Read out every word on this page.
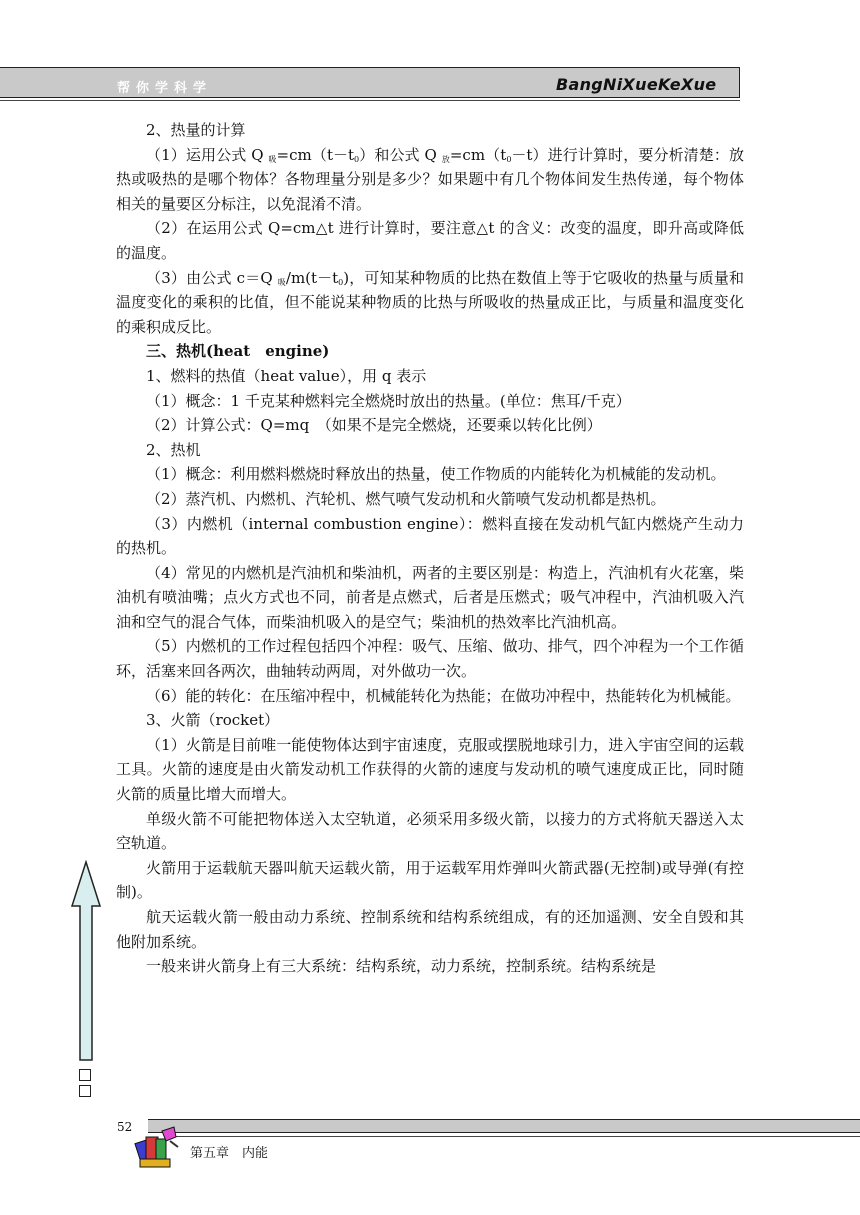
帮你学科学	BangNiXueKeXue

2、热量的计算

（1）运用公式 Q $_吸=cm(t-t_0)$和公式 Q $_放=cm(t_0-t)$进行计算时，要分析清楚：放热或吸热的是哪个物体？各物理量分别是多少？如果题中有几个物体间发生热传递，每个物体相关的量要区分标注，以免混淆不清。

（2）在运用公式 Q=cm△t 进行计算时，要注意△t 的含义：改变的温度，即升高或降低的温度。

（3）由公式 c＝Q $_吸/m(t-t_0)$，可知某种物质的比热在数值上等于它吸收的热量与质量和温度变化的乘积的比值，但不能说某种物质的比热与所吸收的热量成正比，与质量和温度变化的乘积成反比。

三、热机(heat　engine)

1、燃料的热值（heat value），用 q 表示

（1）概念：1 千克某种燃料完全燃烧时放出的热量。(单位：焦耳/千克）

（2）计算公式：Q=mq　（如果不是完全燃烧，还要乘以转化比例）

2、热机

（1）概念：利用燃料燃烧时释放出的热量，使工作物质的内能转化为机械能的发动机。

（2）蒸汽机、内燃机、汽轮机、燃气喷气发动机和火箭喷气发动机都是热机。

（3）内燃机（internal combustion engine）：燃料直接在发动机气缸内燃烧产生动力的热机。

（4）常见的内燃机是汽油机和柴油机，两者的主要区别是：构造上，汽油机有火花塞，柴油机有喷油嘴；点火方式也不同，前者是点燃式，后者是压燃式；吸气冲程中，汽油机吸入汽油和空气的混合气体，而柴油机吸入的是空气；柴油机的热效率比汽油机高。

（5）内燃机的工作过程包括四个冲程：吸气、压缩、做功、排气，四个冲程为一个工作循环，活塞来回各两次，曲轴转动两周，对外做功一次。

（6）能的转化：在压缩冲程中，机械能转化为热能；在做功冲程中，热能转化为机械能。

3、火箭（rocket）

（1）火箭是目前唯一能使物体达到宇宙速度，克服或摆脱地球引力，进入宇宙空间的运载工具。火箭的速度是由火箭发动机工作获得的火箭的速度与发动机的喷气速度成正比，同时随火箭的质量比增大而增大。

单级火箭不可能把物体送入太空轨道，必须采用多级火箭，以接力的方式将航天器送入太空轨道。

火箭用于运载航天器叫航天运载火箭，用于运载军用炸弹叫火箭武器(无控制)或导弹(有控制)。

航天运载火箭一般由动力系统、控制系统和结构系统组成，有的还加遥测、安全自毁和其他附加系统。

一般来讲火箭身上有三大系统：结构系统，动力系统，控制系统。结构系统是

52
第五章　内能
